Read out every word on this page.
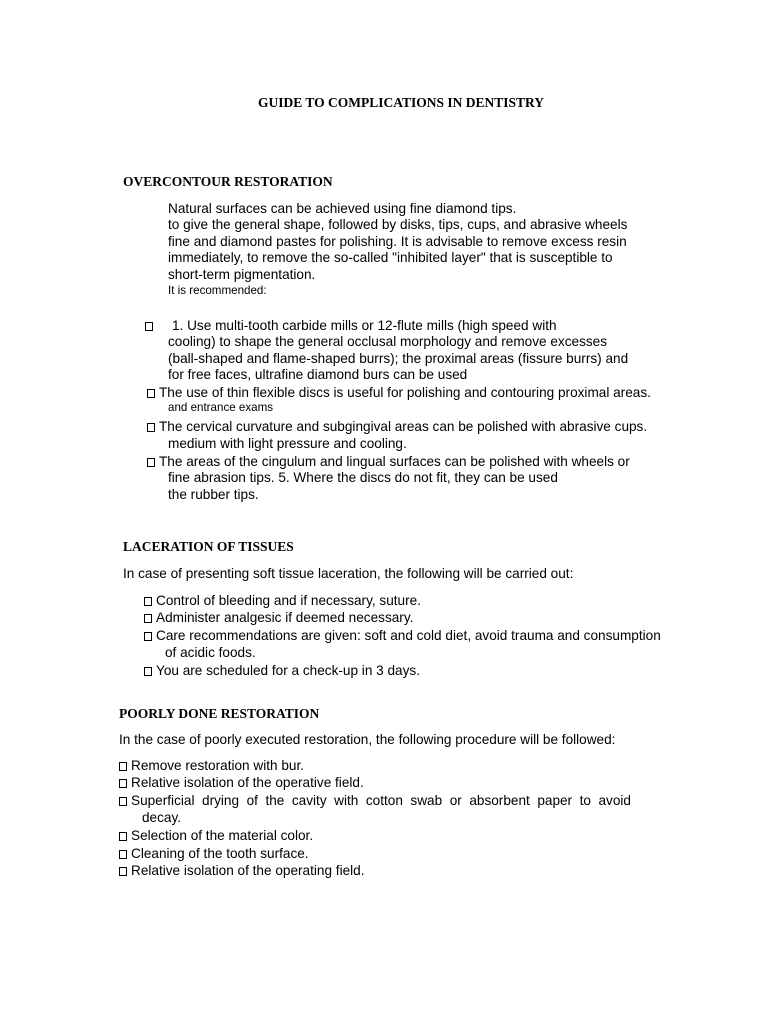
GUIDE TO COMPLICATIONS IN DENTISTRY
OVERCONTOUR RESTORATION
Natural surfaces can be achieved using fine diamond tips.
to give the general shape, followed by disks, tips, cups, and abrasive wheels
fine and diamond pastes for polishing. It is advisable to remove excess resin
immediately, to remove the so-called "inhibited layer" that is susceptible to
short-term pigmentation.
It is recommended:
1. Use multi-tooth carbide mills or 12-flute mills (high speed with
cooling) to shape the general occlusal morphology and remove excesses
(ball-shaped and flame-shaped burrs); the proximal areas (fissure burrs) and
for free faces, ultrafine diamond burs can be used
The use of thin flexible discs is useful for polishing and contouring proximal areas.
and entrance exams
The cervical curvature and subgingival areas can be polished with abrasive cups.
medium with light pressure and cooling.
The areas of the cingulum and lingual surfaces can be polished with wheels or
fine abrasion tips. 5. Where the discs do not fit, they can be used
the rubber tips.
LACERATION OF TISSUES
In case of presenting soft tissue laceration, the following will be carried out:
Control of bleeding and if necessary, suture.
Administer analgesic if deemed necessary.
Care recommendations are given: soft and cold diet, avoid trauma and consumption
of acidic foods.
You are scheduled for a check-up in 3 days.
POORLY DONE RESTORATION
In the case of poorly executed restoration, the following procedure will be followed:
Remove restoration with bur.
Relative isolation of the operative field.
Superficial drying of the cavity with cotton swab or absorbent paper to avoid
decay.
Selection of the material color.
Cleaning of the tooth surface.
Relative isolation of the operating field.
